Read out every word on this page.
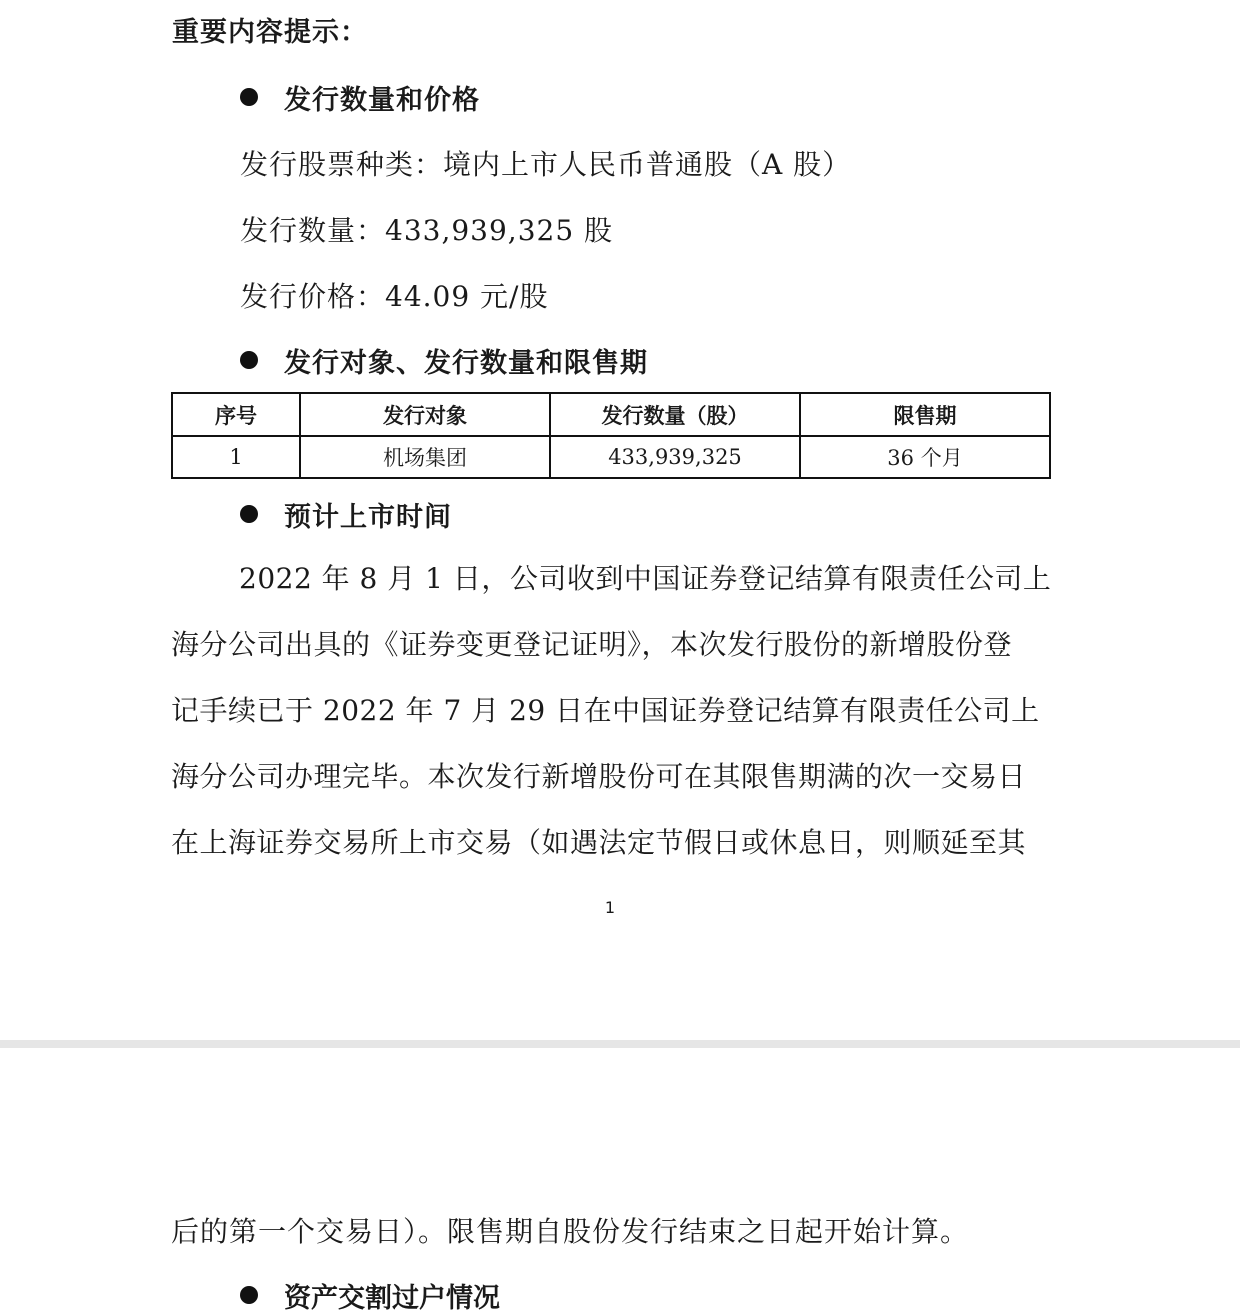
重要内容提示：
发行数量和价格
发行股票种类：境内上市人民币普通股（A 股）
发行数量：433,939,325 股
发行价格：44.09 元/股
发行对象、发行数量和限售期
序号	发行对象	发行数量（股）	限售期
1	机场集团	433,939,325	36 个月
预计上市时间
2022 年 8 月 1 日，公司收到中国证券登记结算有限责任公司上
海分公司出具的《证券变更登记证明》，本次发行股份的新增股份登
记手续已于 2022 年 7 月 29 日在中国证券登记结算有限责任公司上
海分公司办理完毕。本次发行新增股份可在其限售期满的次一交易日
在上海证券交易所上市交易（如遇法定节假日或休息日，则顺延至其
1
后的第一个交易日）。限售期自股份发行结束之日起开始计算。
资产交割过户情况
